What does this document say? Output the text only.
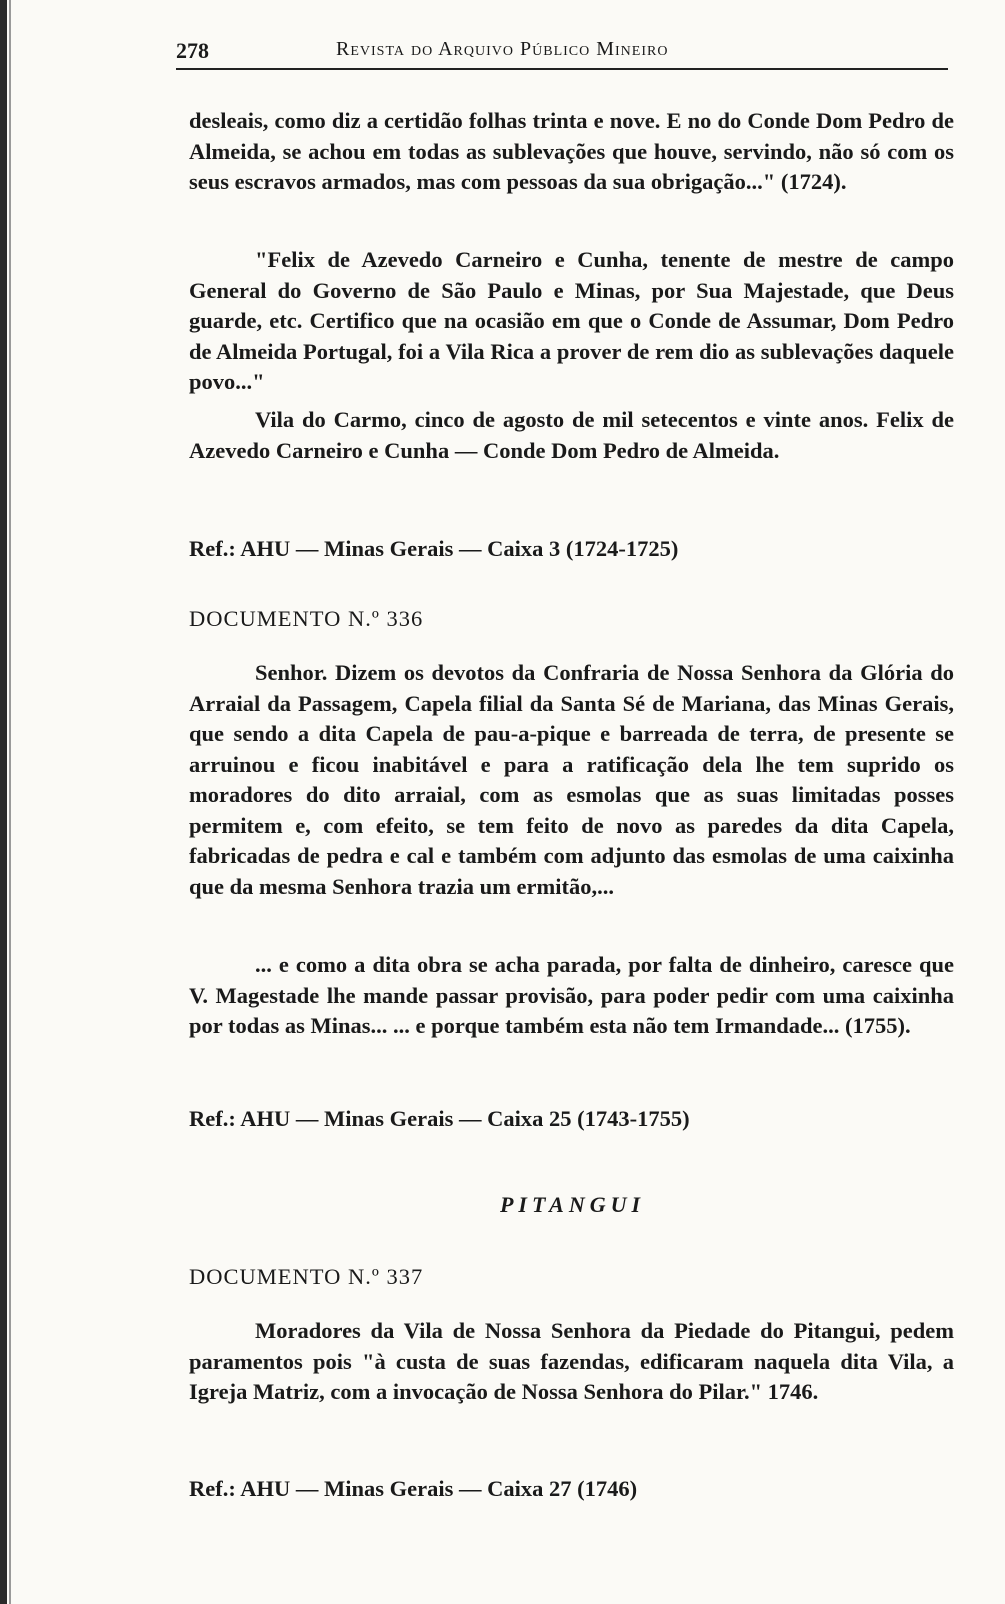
278	Revista do Arquivo Público Mineiro

desleais, como diz a certidão folhas trinta e nove. E no do Conde Dom Pedro de Almeida, se achou em todas as sublevações que houve, servindo, não só com os seus escravos armados, mas com pessoas da sua obrigação..." (1724).

"Felix de Azevedo Carneiro e Cunha, tenente de mestre de campo General do Governo de São Paulo e Minas, por Sua Majestade, que Deus guarde, etc. Certifico que na ocasião em que o Conde de Assumar, Dom Pedro de Almeida Portugal, foi a Vila Rica a prover de rem dio as sublevações daquele povo..."

Vila do Carmo, cinco de agosto de mil setecentos e vinte anos. Felix de Azevedo Carneiro e Cunha — Conde Dom Pedro de Almeida.

Ref.: AHU — Minas Gerais — Caixa 3 (1724-1725)

DOCUMENTO N.º 336

Senhor. Dizem os devotos da Confraria de Nossa Senhora da Glória do Arraial da Passagem, Capela filial da Santa Sé de Mariana, das Minas Gerais, que sendo a dita Capela de pau-a-pique e barreada de terra, de presente se arruinou e ficou inabitável e para a ratificação dela lhe tem suprido os moradores do dito arraial, com as esmolas que as suas limitadas posses permitem e, com efeito, se tem feito de novo as paredes da dita Capela, fabricadas de pedra e cal e também com adjunto das esmolas de uma caixinha que da mesma Senhora trazia um ermitão,...

... e como a dita obra se acha parada, por falta de dinheiro, caresce que V. Magestade lhe mande passar provisão, para poder pedir com uma caixinha por todas as Minas... ... e porque também esta não tem Irmandade... (1755).

Ref.: AHU — Minas Gerais — Caixa 25 (1743-1755)

PITANGUI

DOCUMENTO N.º 337

Moradores da Vila de Nossa Senhora da Piedade do Pitangui, pedem paramentos pois "à custa de suas fazendas, edificaram naquela dita Vila, a Igreja Matriz, com a invocação de Nossa Senhora do Pilar." 1746.

Ref.: AHU — Minas Gerais — Caixa 27 (1746)
